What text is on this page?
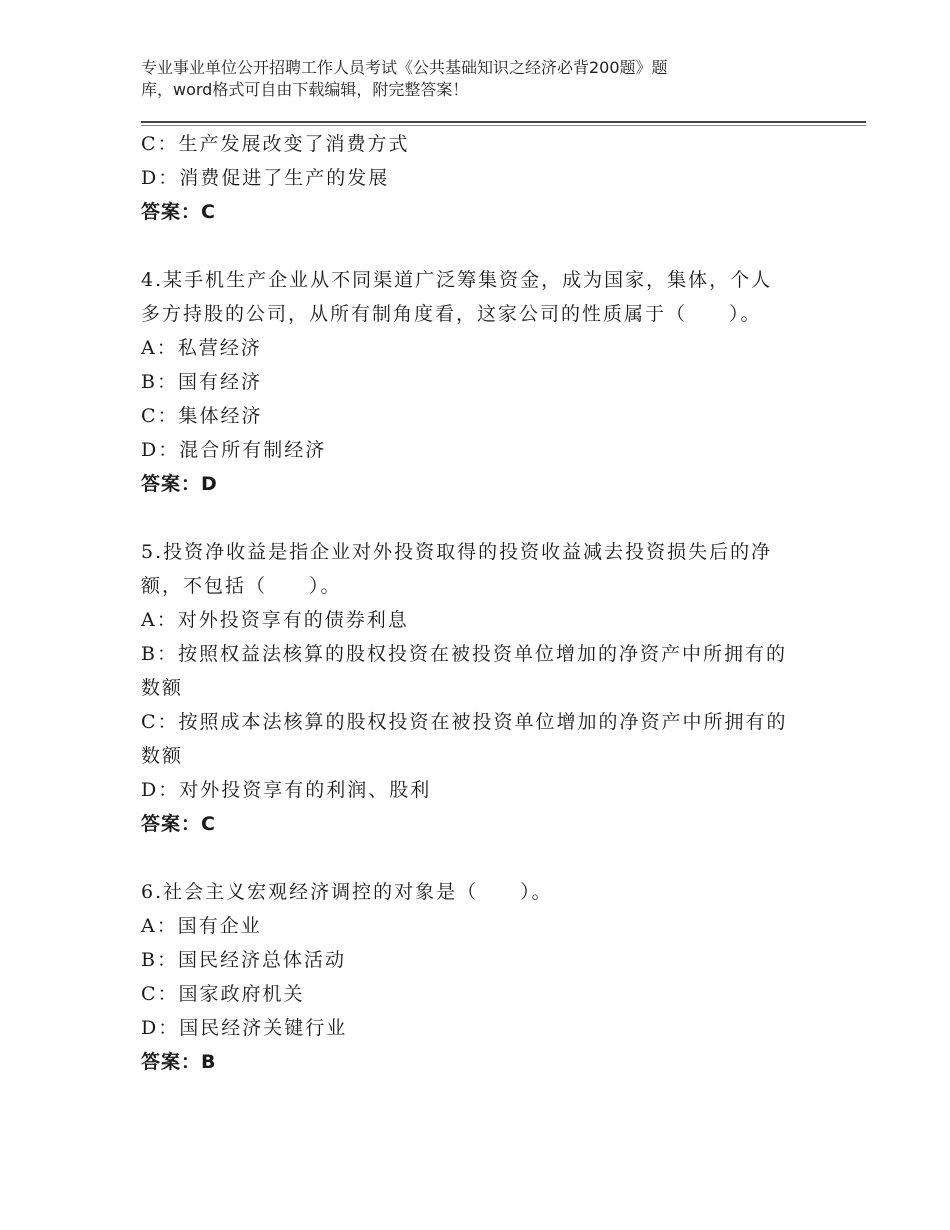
专业事业单位公开招聘工作人员考试《公共基础知识之经济必背200题》题
库，word格式可自由下载编辑，附完整答案！
C：生产发展改变了消费方式
D：消费促进了生产的发展
答案：C
4.某手机生产企业从不同渠道广泛筹集资金，成为国家，集体，个人
多方持股的公司，从所有制角度看，这家公司的性质属于（　　）。
A：私营经济
B：国有经济
C：集体经济
D：混合所有制经济
答案：D
5.投资净收益是指企业对外投资取得的投资收益减去投资损失后的净
额，不包括（　　）。
A：对外投资享有的债券利息
B：按照权益法核算的股权投资在被投资单位增加的净资产中所拥有的
数额
C：按照成本法核算的股权投资在被投资单位增加的净资产中所拥有的
数额
D：对外投资享有的利润、股利
答案：C
6.社会主义宏观经济调控的对象是（　　）。
A：国有企业
B：国民经济总体活动
C：国家政府机关
D：国民经济关键行业
答案：B
